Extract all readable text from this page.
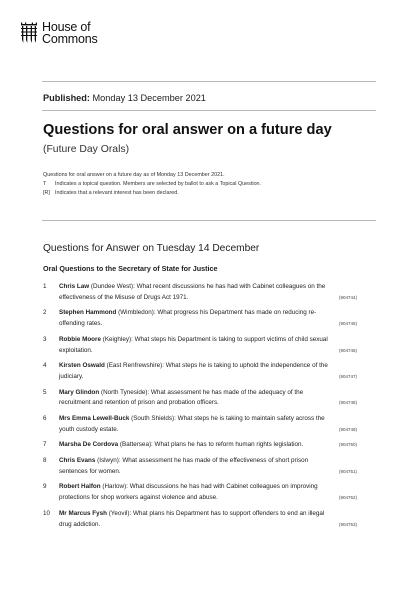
House of
Commons
Published: Monday 13 December 2021
Questions for oral answer on a future day
(Future Day Orals)
Questions for oral answer on a future day as of Monday 13 December 2021.
T	Indicates a topical question. Members are selected by ballot to ask a Topical Question.
[R] Indicates that a relevant interest has been declared.
Questions for Answer on Tuesday 14 December
Oral Questions to the Secretary of State for Justice
1	Chris Law (Dundee West): What recent discussions he has had with Cabinet colleagues on the effectiveness of the Misuse of Drugs Act 1971.	(904744)
2	Stephen Hammond (Wimbledon): What progress his Department has made on reducing re-offending rates.	(904745)
3	Robbie Moore (Keighley): What steps his Department is taking to support victims of child sexual exploitation.	(904746)
4	Kirsten Oswald (East Renfrewshire): What steps he is taking to uphold the independence of the judiciary.	(904747)
5	Mary Glindon (North Tyneside): What assessment he has made of the adequacy of the recruitment and retention of prison and probation officers.	(904748)
6	Mrs Emma Lewell-Buck (South Shields): What steps he is taking to maintain safety across the youth custody estate.	(904749)
7	Marsha De Cordova (Battersea): What plans he has to reform human rights legislation.	(904750)
8	Chris Evans (Islwyn): What assessment he has made of the effectiveness of short prison sentences for women.	(904751)
9	Robert Halfon (Harlow): What discussions he has had with Cabinet colleagues on improving protections for shop workers against violence and abuse.	(904752)
10	Mr Marcus Fysh (Yeovil): What plans his Department has to support offenders to end an illegal drug addiction.	(904753)
